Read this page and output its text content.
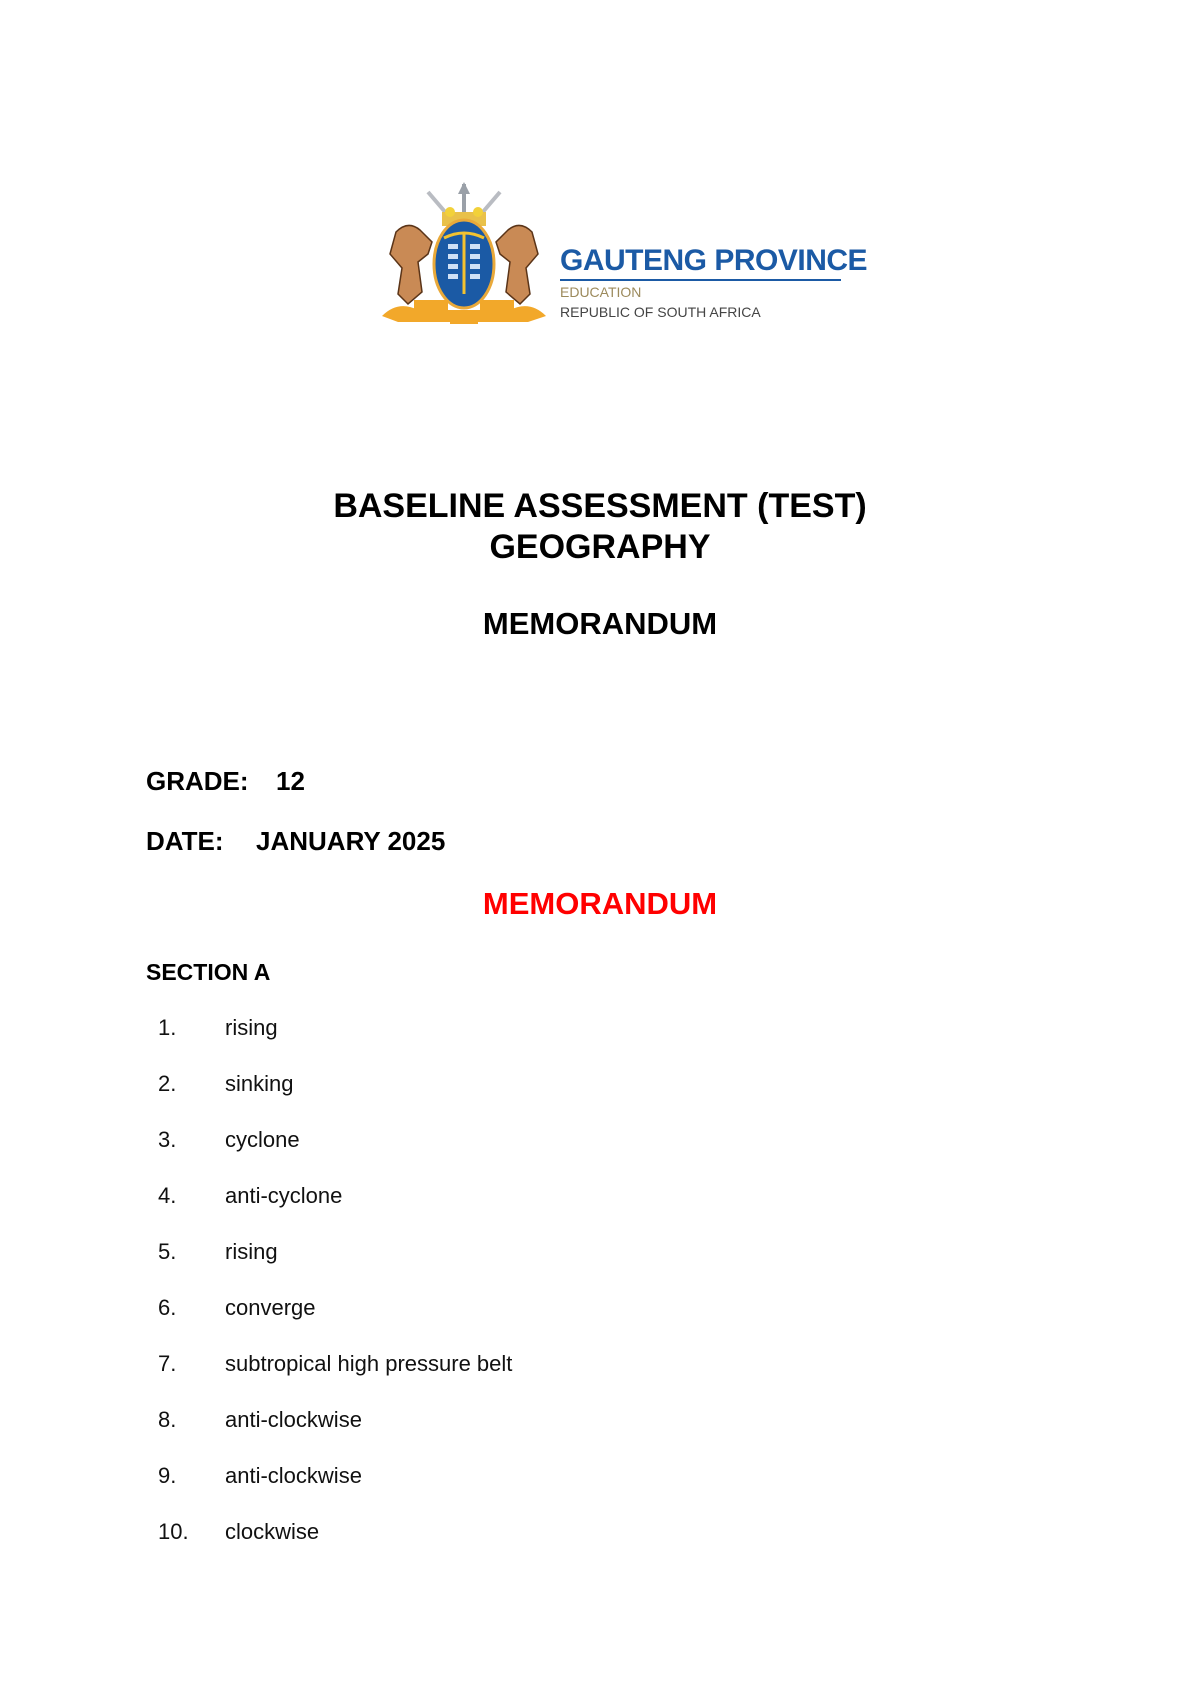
GAUTENG PROVINCE
EDUCATION
REPUBLIC OF SOUTH AFRICA
BASELINE ASSESSMENT (TEST)
GEOGRAPHY
MEMORANDUM
GRADE: 12
DATE: JANUARY 2025
MEMORANDUM
SECTION A
1. rising
2. sinking
3. cyclone
4. anti-cyclone
5. rising
6. converge
7. subtropical high pressure belt
8. anti-clockwise
9. anti-clockwise
10. clockwise
